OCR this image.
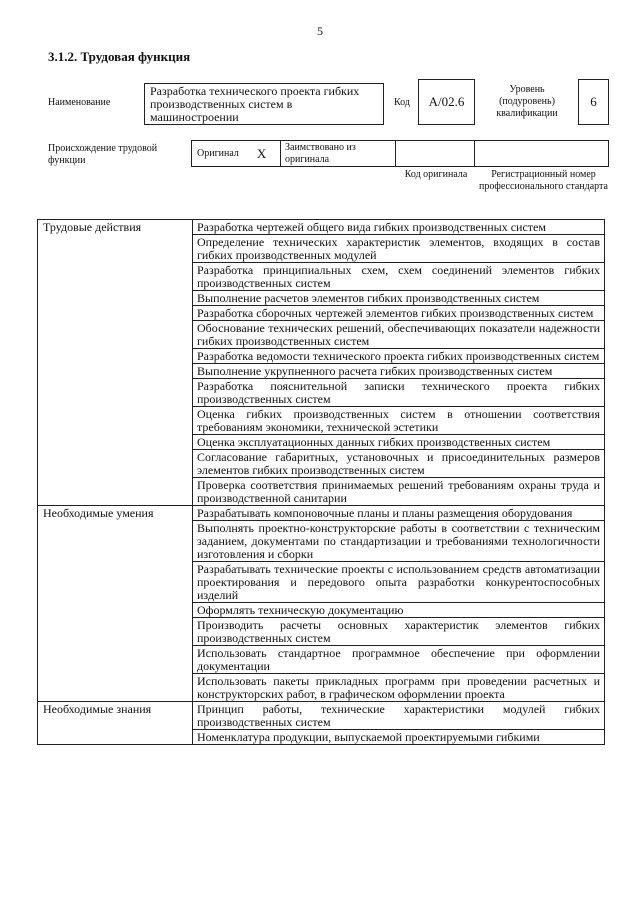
5
3.1.2. Трудовая функция
Наименование
Разработка технического проекта гибких производственных систем в машиностроении
Код	A/02.6
Уровень (подуровень) квалификации
6
Происхождение трудовой функции
Оригинал X	Заимствовано из оригинала
Код оригинала	Регистрационный номер профессионального стандарта
Трудовые действия	Разработка чертежей общего вида гибких производственных систем
	Определение технических характеристик элементов, входящих в состав гибких производственных модулей
	Разработка принципиальных схем, схем соединений элементов гибких производственных систем
	Выполнение расчетов элементов гибких производственных систем
	Разработка сборочных чертежей элементов гибких производственных систем
	Обоснование технических решений, обеспечивающих показатели надежности гибких производственных систем
	Разработка ведомости технического проекта гибких производственных систем
	Выполнение укрупненного расчета гибких производственных систем
	Разработка пояснительной записки технического проекта гибких производственных систем
	Оценка гибких производственных систем в отношении соответствия требованиям экономики, технической эстетики
	Оценка эксплуатационных данных гибких производственных систем
	Согласование габаритных, установочных и присоединительных размеров элементов гибких производственных систем
	Проверка соответствия принимаемых решений требованиям охраны труда и производственной санитарии
Необходимые умения	Разрабатывать компоновочные планы и планы размещения оборудования
	Выполнять проектно-конструкторские работы в соответствии с техническим заданием, документами по стандартизации и требованиями технологичности изготовления и сборки
	Разрабатывать технические проекты с использованием средств автоматизации проектирования и передового опыта разработки конкурентоспособных изделий
	Оформлять техническую документацию
	Производить расчеты основных характеристик элементов гибких производственных систем
	Использовать стандартное программное обеспечение при оформлении документации
	Использовать пакеты прикладных программ при проведении расчетных и конструкторских работ, в графическом оформлении проекта
Необходимые знания	Принцип работы, технические характеристики модулей гибких производственных систем
	Номенклатура продукции, выпускаемой проектируемыми гибкими
